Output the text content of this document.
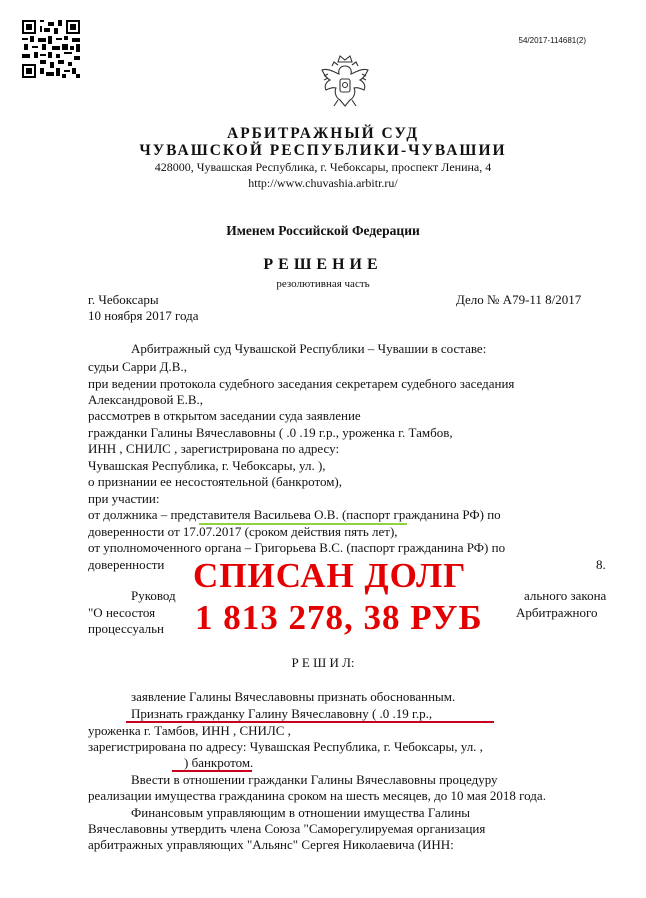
54/2017-114681(2)
АРБИТРАЖНЫЙ СУД
ЧУВАШСКОЙ РЕСПУБЛИКИ-ЧУВАШИИ
428000, Чувашская Республика, г. Чебоксары, проспект Ленина, 4
http://www.chuvashia.arbitr.ru/
Именем Российской Федерации
РЕШЕНИЕ
резолютивная часть
г. Чебоксары
10 ноября 2017 года
Дело № А79-11 8/2017
Арбитражный суд Чувашской Республики – Чувашии в составе:
судьи Сарри Д.В.,
при ведении протокола судебного заседания секретарем судебного заседания
Александровой Е.В.,
рассмотрев в открытом заседании суда заявление
гражданки Галины Вячеславовны ( .0 .19 г.р., уроженка г. Тамбов,
ИНН , СНИЛС , зарегистрирована по адресу:
Чувашская Республика, г. Чебоксары, ул. ),
о признании ее несостоятельной (банкротом),
при участии:
от должника – представителя Васильева О.В. (паспорт гражданина РФ) по
доверенности от 17.07.2017 (сроком действия пять лет),
от уполномоченного органа – Григорьева В.С. (паспорт гражданина РФ) по
доверенности	8.
Руковод	ального закона
"О несостоя	Арбитражного
процессуальн
СПИСАН ДОЛГ
1 813 278, 38 РУБ
Р Е Ш И Л:
заявление Галины Вячеславовны признать обоснованным.
Признать гражданку Галину Вячеславовну ( .0 .19 г.р.,
уроженка г. Тамбов, ИНН , СНИЛС ,
зарегистрирована по адресу: Чувашская Республика, г. Чебоксары, ул. ,
) банкротом.
Ввести в отношении гражданки Галины Вячеславовны процедуру
реализации имущества гражданина сроком на шесть месяцев, до 10 мая 2018 года.
Финансовым управляющим в отношении имущества Галины
Вячеславовны утвердить члена Союза "Саморегулируемая организация
арбитражных управляющих "Альянс" Сергея Николаевича (ИНН:
